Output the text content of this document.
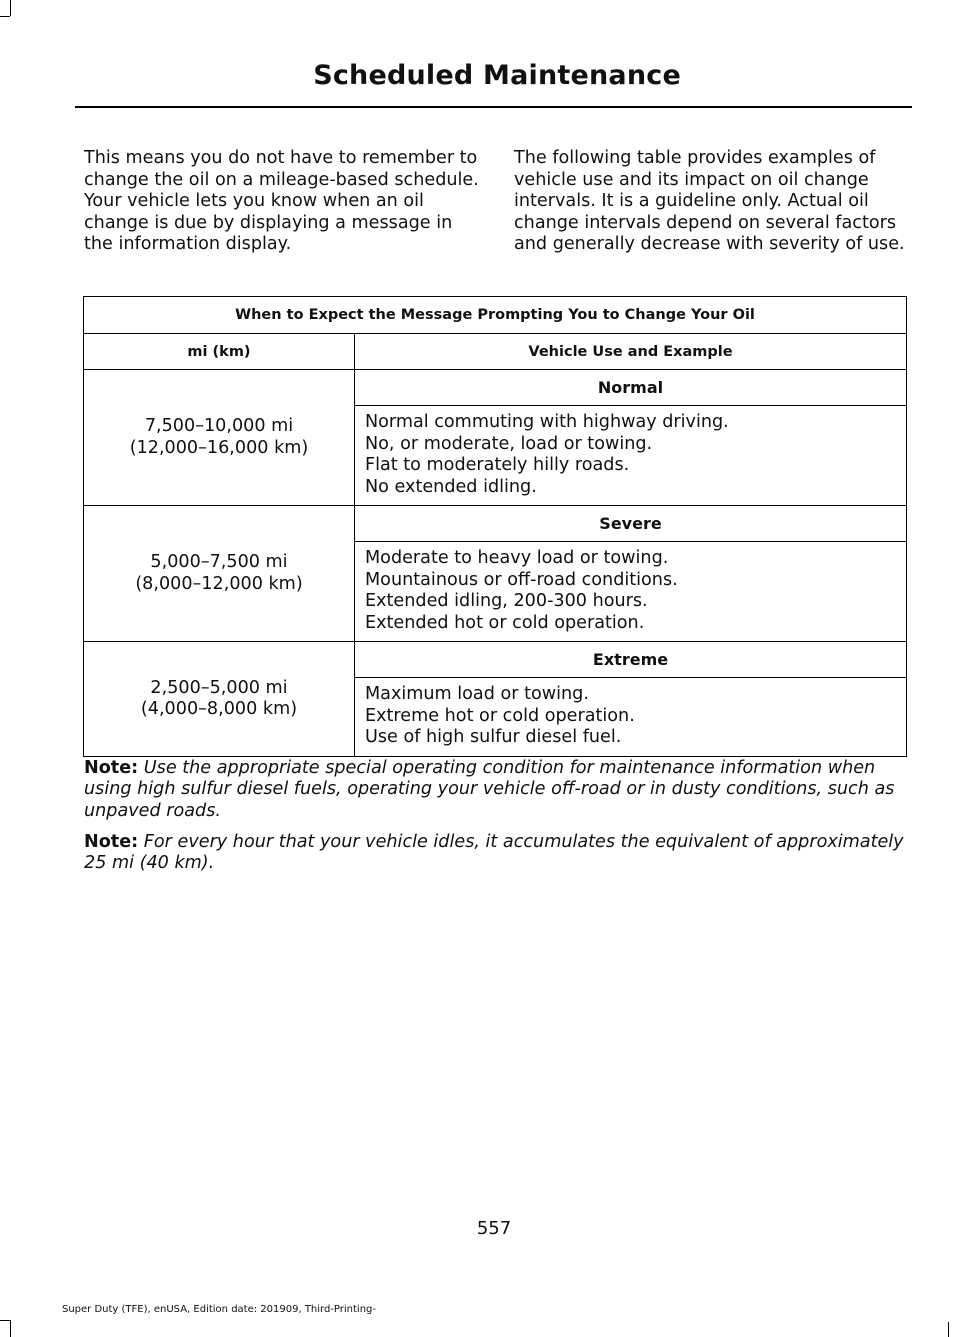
Scheduled Maintenance
This means you do not have to remember to change the oil on a mileage-based schedule. Your vehicle lets you know when an oil change is due by displaying a message in the information display.
The following table provides examples of vehicle use and its impact on oil change intervals. It is a guideline only. Actual oil change intervals depend on several factors and generally decrease with severity of use.
When to Expect the Message Prompting You to Change Your Oil	
mi (km)	Vehicle Use and Example

7,500–10,000 mi
(12,000–16,000 km)	Normal

	Normal commuting with highway driving.
No, or moderate, load or towing.
Flat to moderately hilly roads.
No extended idling.

5,000–7,500 mi
(8,000–12,000 km)	Severe

	Moderate to heavy load or towing.
Mountainous or off-road conditions.
Extended idling, 200-300 hours.
Extended hot or cold operation.

2,500–5,000 mi
(4,000–8,000 km)	Extreme

	Maximum load or towing.
Extreme hot or cold operation.
Use of high sulfur diesel fuel.
Note: Use the appropriate special operating condition for maintenance information when using high sulfur diesel fuels, operating your vehicle off-road or in dusty conditions, such as unpaved roads.
Note: For every hour that your vehicle idles, it accumulates the equivalent of approximately 25 mi (40 km).
557
Super Duty (TFE), enUSA, Edition date: 201909, Third-Printing-
